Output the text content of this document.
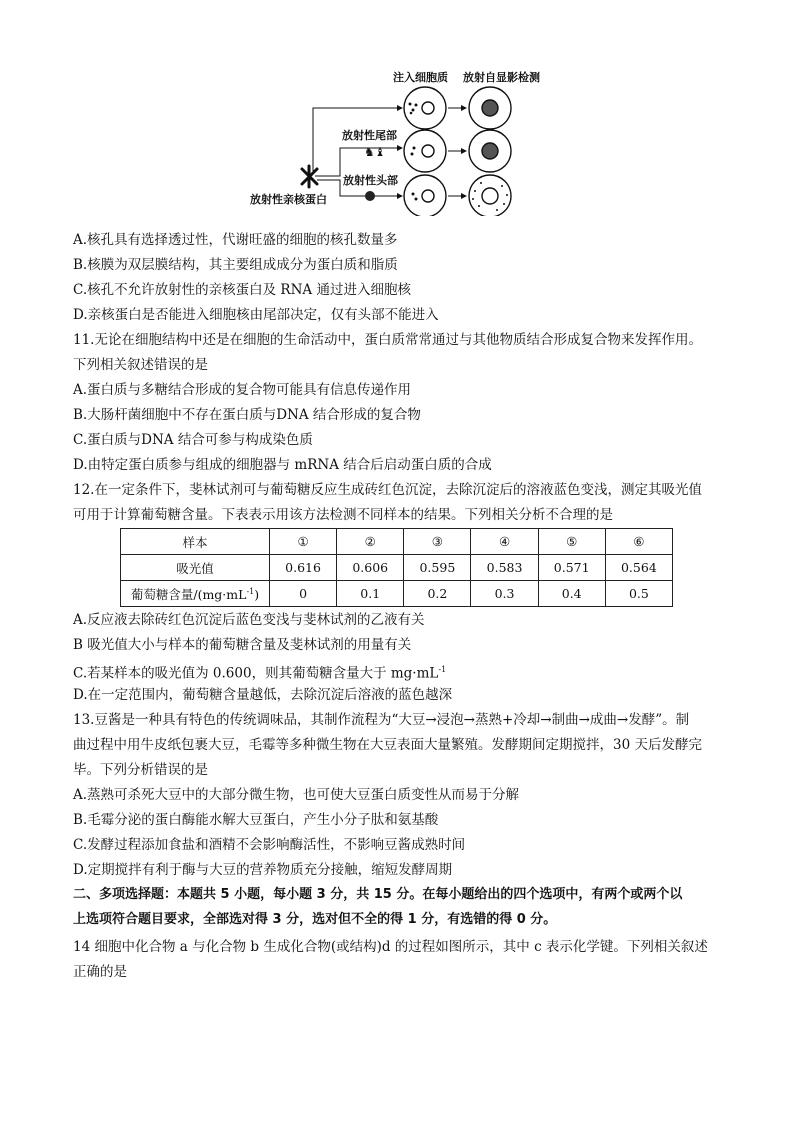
注入细胞质 放射自显影检测
放射性尾部
放射性头部
放射性亲核蛋白
♞♝
A.核孔具有选择透过性，代谢旺盛的细胞的核孔数量多
B.核膜为双层膜结构，其主要组成成分为蛋白质和脂质
C.核孔不允许放射性的亲核蛋白及 RNA 通过进入细胞核
D.亲核蛋白是否能进入细胞核由尾部决定，仅有头部不能进入
11.无论在细胞结构中还是在细胞的生命活动中，蛋白质常常通过与其他物质结合形成复合物来发挥作用。
下列相关叙述错误的是
A.蛋白质与多糖结合形成的复合物可能具有信息传递作用
B.大肠杆菌细胞中不存在蛋白质与DNA 结合形成的复合物
C.蛋白质与DNA 结合可参与构成染色质
D.由特定蛋白质参与组成的细胞器与 mRNA 结合后启动蛋白质的合成
12.在一定条件下，斐林试剂可与葡萄糖反应生成砖红色沉淀，去除沉淀后的溶液蓝色变浅，测定其吸光值
可用于计算葡萄糖含量。下表表示用该方法检测不同样本的结果。下列相关分析不合理的是
样本	①	②	③	④	⑤	⑥
吸光值	0.616	0.606	0.595	0.583	0.571	0.564
葡萄糖含量$/(mg\cdot mL^{-1})$	0	0.1	0.2	0.3	0.4	0.5
A.反应液去除砖红色沉淀后蓝色变浅与斐林试剂的乙液有关
B 吸光值大小与样本的葡萄糖含量及斐林试剂的用量有关
C.若某样本的吸光值为 0.600，则其葡萄糖含量大于 $mg\cdot mL^{-1}$
D.在一定范围内，葡萄糖含量越低，去除沉淀后溶液的蓝色越深
13.豆酱是一种具有特色的传统调味品，其制作流程为“大豆→浸泡→蒸熟+冷却→制曲→成曲→发酵”。制
曲过程中用牛皮纸包裹大豆，毛霉等多种微生物在大豆表面大量繁殖。发酵期间定期搅拌，30 天后发酵完
毕。下列分析错误的是
A.蒸熟可杀死大豆中的大部分微生物，也可使大豆蛋白质变性从而易于分解
B.毛霉分泌的蛋白酶能水解大豆蛋白，产生小分子肽和氨基酸
C.发酵过程添加食盐和酒精不会影响酶活性，不影响豆酱成熟时间
D.定期搅拌有利于酶与大豆的营养物质充分接触，缩短发酵周期
二、多项选择题：本题共 5 小题，每小题 3 分，共 15 分。在每小题给出的四个选项中，有两个或两个以
上选项符合题目要求，全部选对得 3 分，选对但不全的得 1 分，有选错的得 0 分。
14 细胞中化合物 a 与化合物 b 生成化合物(或结构)d 的过程如图所示，其中 c 表示化学键。下列相关叙述
正确的是
